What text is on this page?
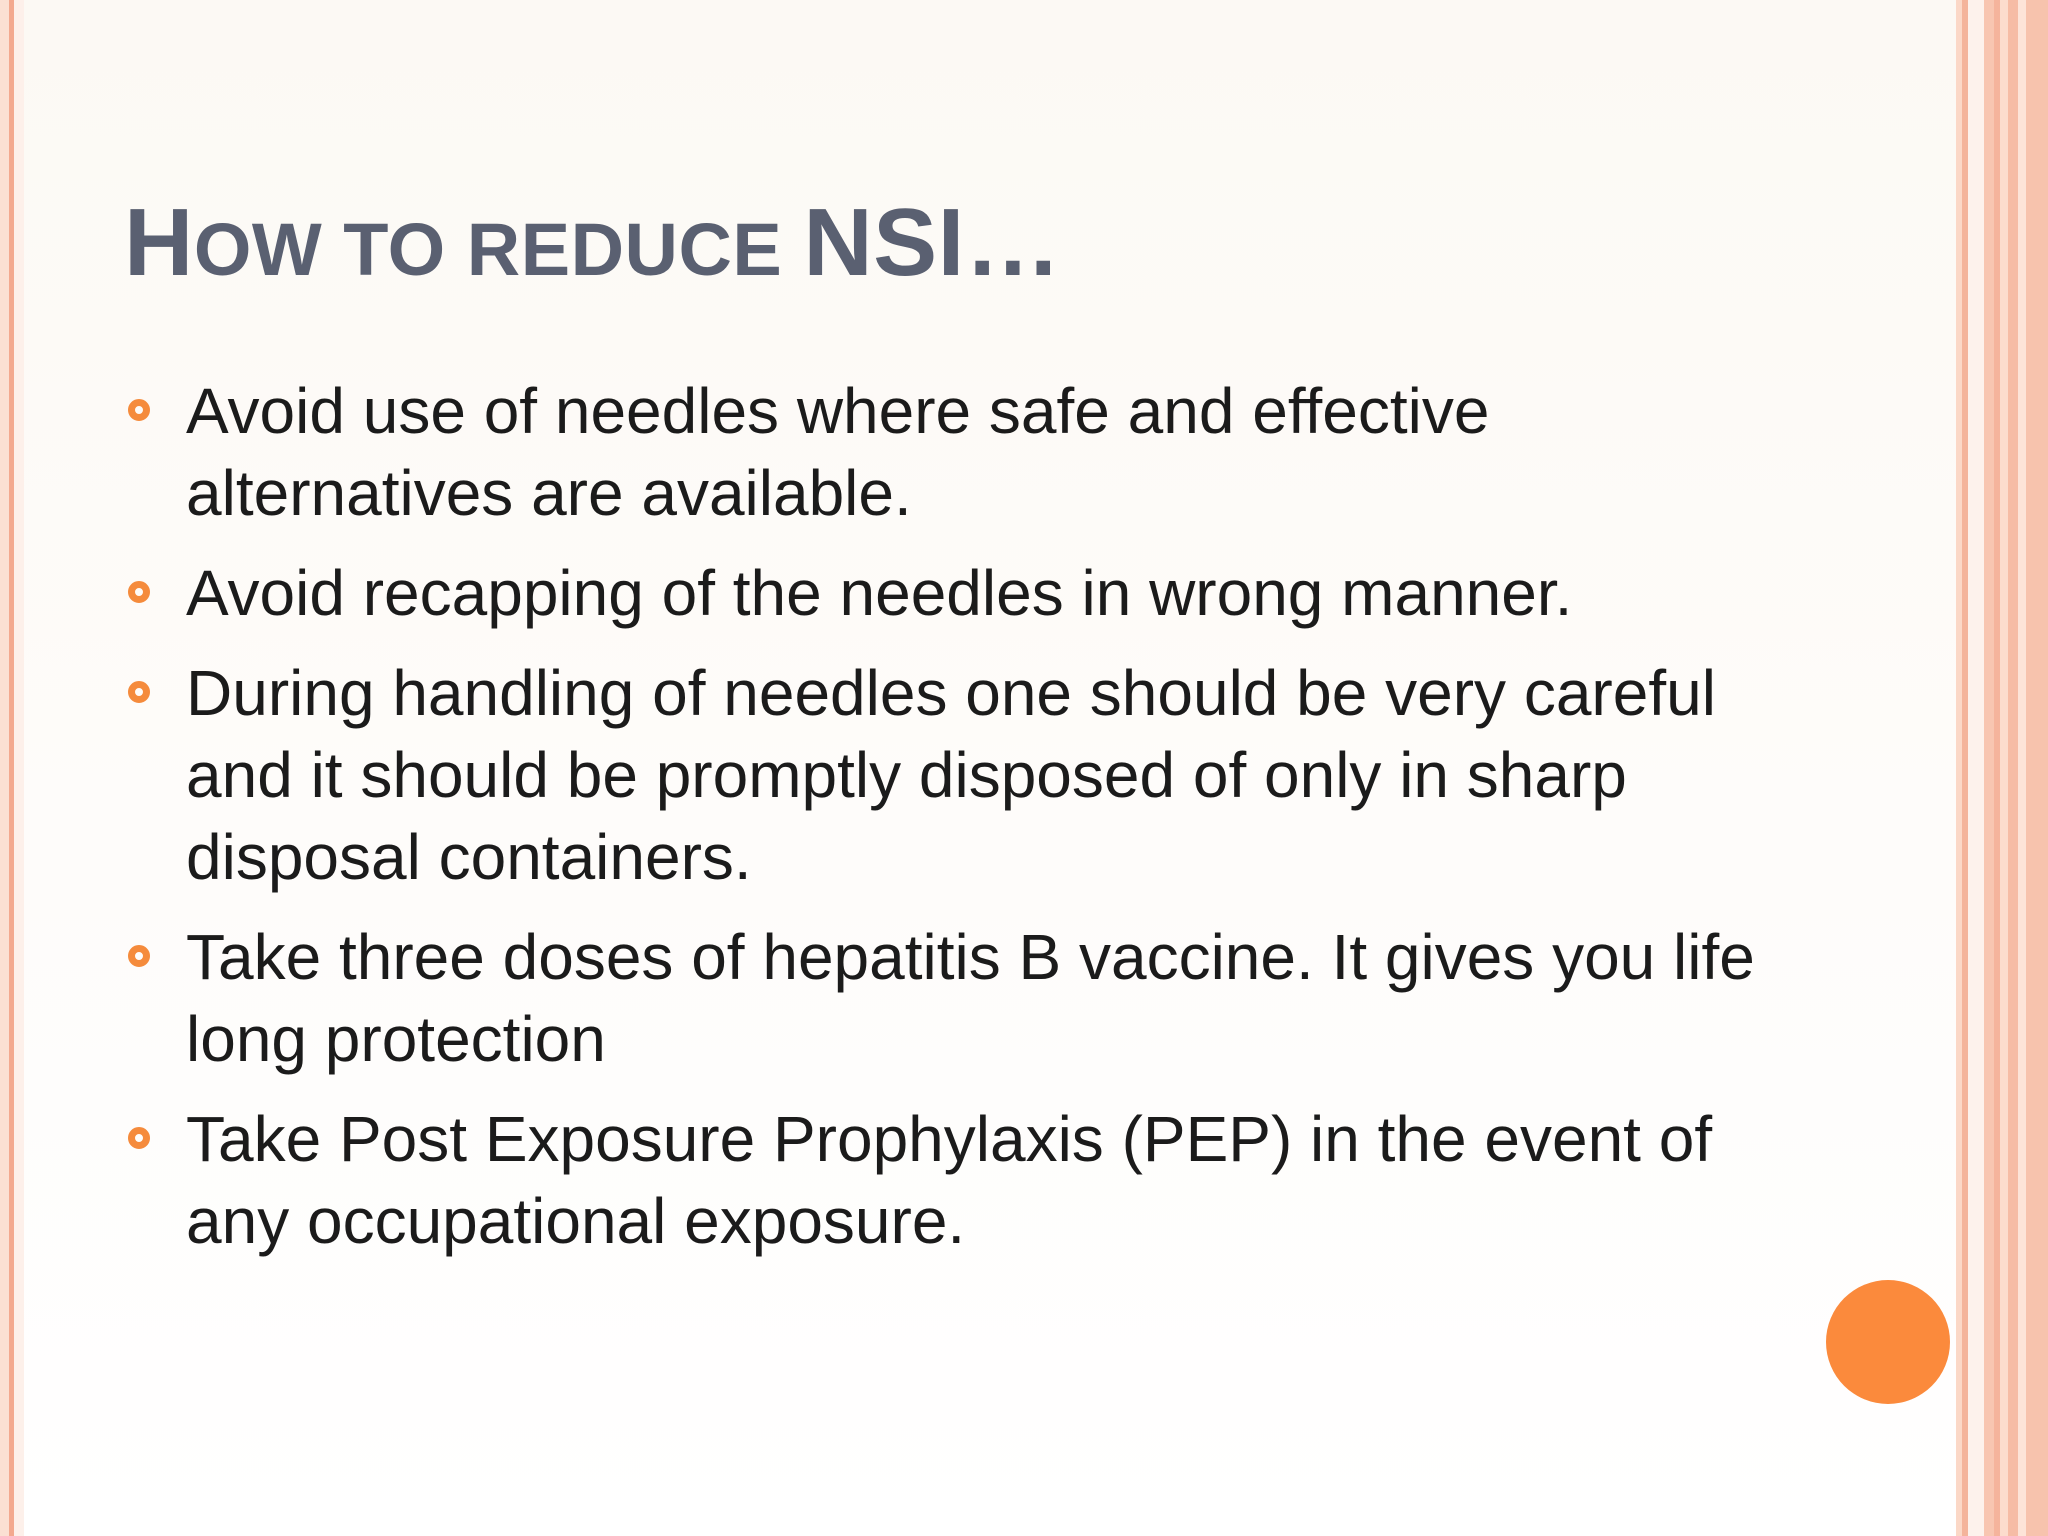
HOW TO REDUCE NSI…
Avoid use of needles where safe and effective alternatives are available.
Avoid recapping of the needles in wrong manner.
During handling of needles one should be very careful and it should be promptly disposed of only in sharp disposal containers.
Take three doses of hepatitis B vaccine. It gives you life long protection
Take Post Exposure Prophylaxis (PEP) in the event of any occupational exposure.
